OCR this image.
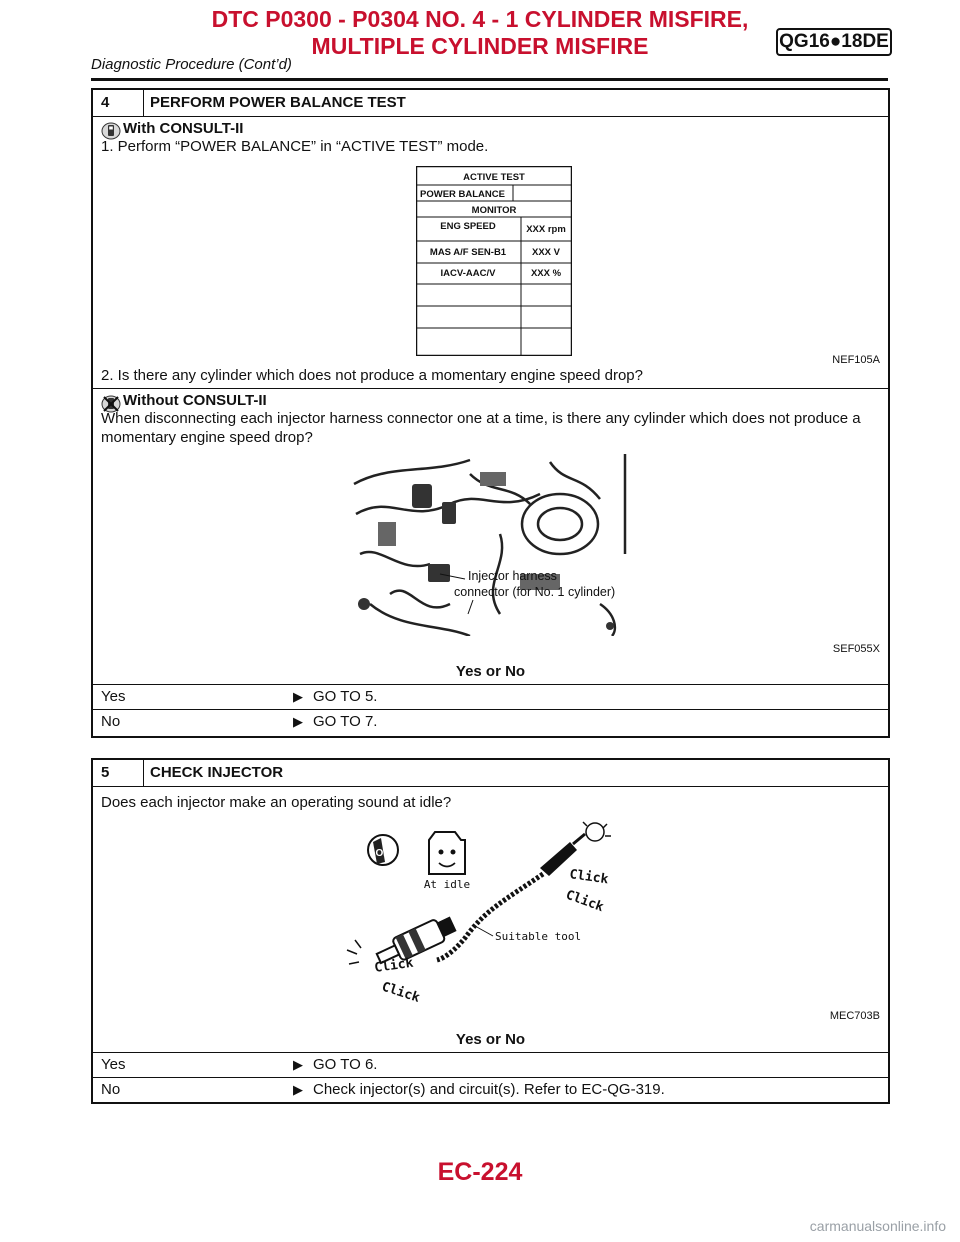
DTC P0300 - P0304 NO. 4 - 1 CYLINDER MISFIRE,
MULTIPLE CYLINDER MISFIRE	QG16●18DE
Diagnostic Procedure (Cont’d)
4	PERFORM POWER BALANCE TEST
With CONSULT-II
1. Perform “POWER BALANCE” in “ACTIVE TEST” mode.
ACTIVE TEST
POWER BALANCE
MONITOR
ENG SPEED	XXX rpm
MAS A/F SEN-B1	XXX V
IACV-AAC/V	XXX %
NEF105A
2. Is there any cylinder which does not produce a momentary engine speed drop?
Without CONSULT-II
When disconnecting each injector harness connector one at a time, is there any cylinder which does not produce a
momentary engine speed drop?
Injector harness
connector (for No. 1 cylinder)
SEF055X
Yes or No
Yes	▶ GO TO 5.
No	▶ GO TO 7.
5	CHECK INJECTOR
Does each injector make an operating sound at idle?
ON
At idle
Suitable tool
Click
Click
Click
Click
MEC703B
Yes or No
Yes	▶ GO TO 6.
No	▶ Check injector(s) and circuit(s). Refer to EC-QG-319.
EC-224
carmanualsonline.info
